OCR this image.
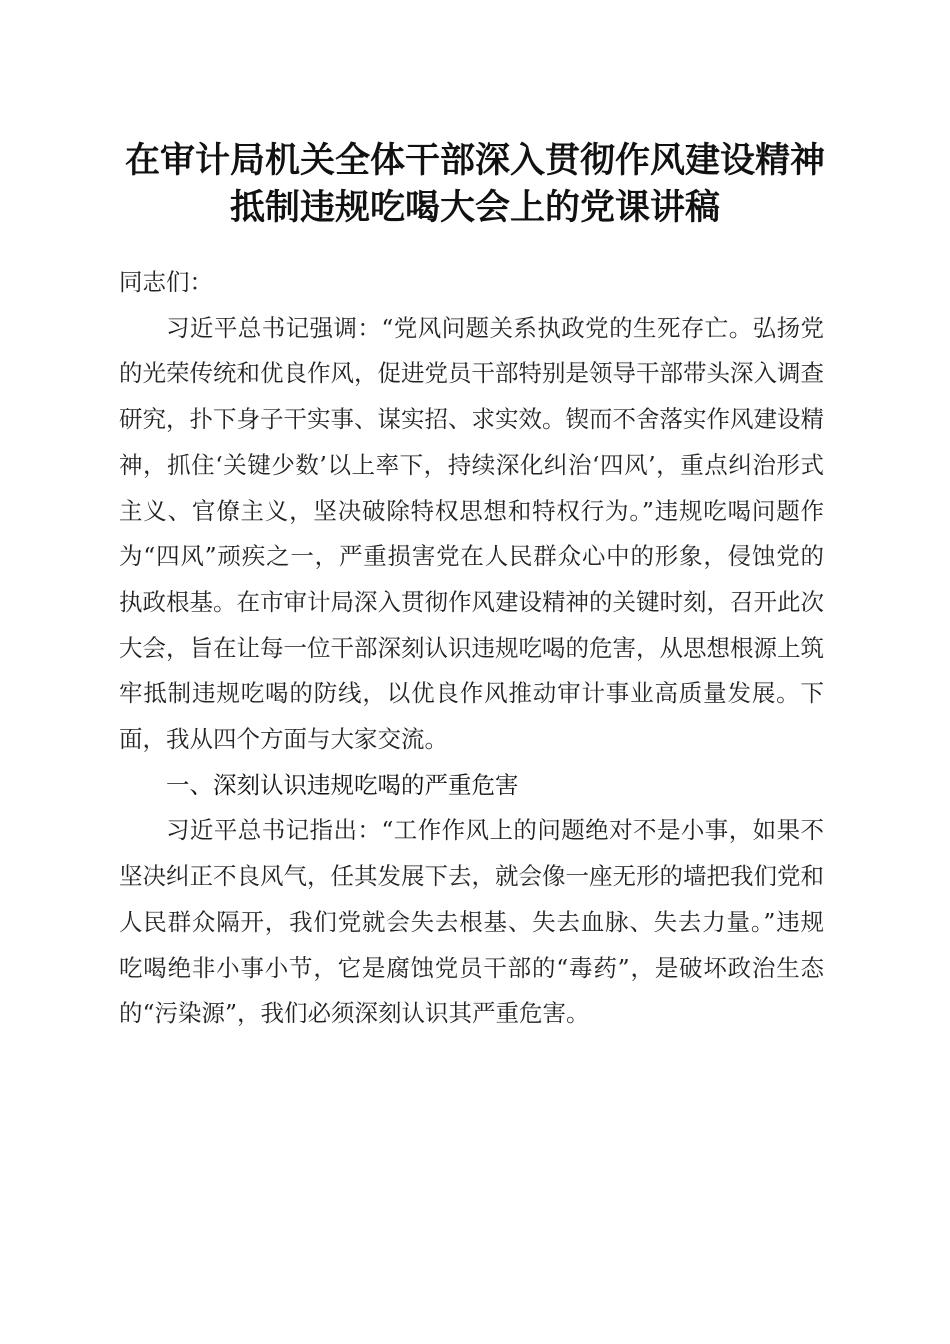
在审计局机关全体干部深入贯彻作风建设精神
抵制违规吃喝大会上的党课讲稿

同志们：

习近平总书记强调：“党风问题关系执政党的生死存亡。弘扬党的光荣传统和优良作风，促进党员干部特别是领导干部带头深入调查研究，扑下身子干实事、谋实招、求实效。锲而不舍落实作风建设精神，抓住‘关键少数’以上率下，持续深化纠治‘四风’，重点纠治形式主义、官僚主义，坚决破除特权思想和特权行为。”违规吃喝问题作为“四风”顽疾之一，严重损害党在人民群众心中的形象，侵蚀党的执政根基。在市审计局深入贯彻作风建设精神的关键时刻，召开此次大会，旨在让每一位干部深刻认识违规吃喝的危害，从思想根源上筑牢抵制违规吃喝的防线，以优良作风推动审计事业高质量发展。下面，我从四个方面与大家交流。

一、深刻认识违规吃喝的严重危害

习近平总书记指出：“工作作风上的问题绝对不是小事，如果不坚决纠正不良风气，任其发展下去，就会像一座无形的墙把我们党和人民群众隔开，我们党就会失去根基、失去血脉、失去力量。”违规吃喝绝非小事小节，它是腐蚀党员干部的“毒药”，是破坏政治生态的“污染源”，我们必须深刻认识其严重危害。
